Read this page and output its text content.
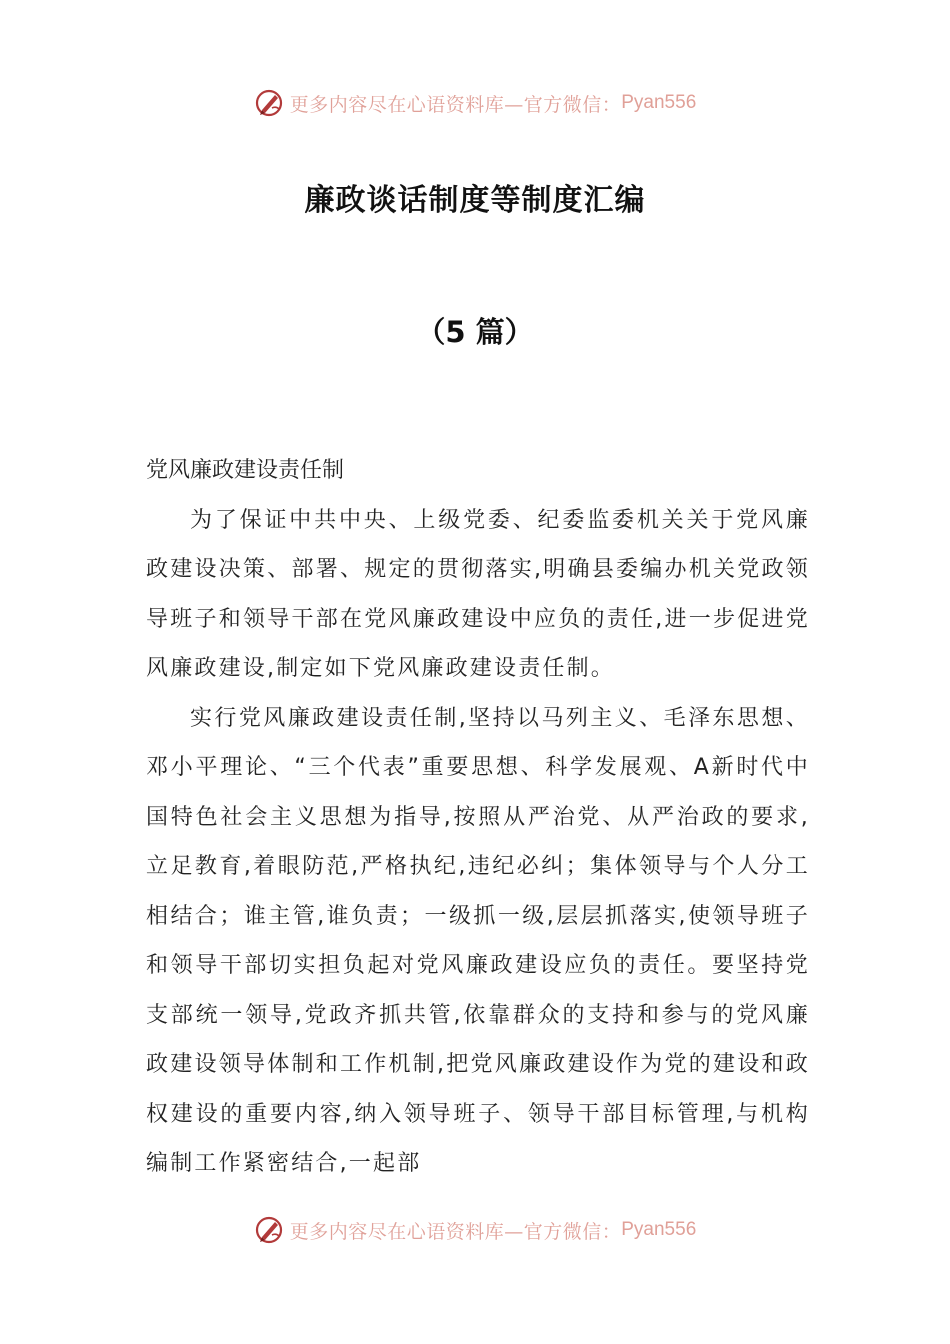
更多内容尽在心语资料库—官方微信： Pyan556
廉政谈话制度等制度汇编
（5 篇）

党风廉政建设责任制

为了保证中共中央、上级党委、纪委监委机关关于党风廉政建设决策、部署、规定的贯彻落实,明确县委编办机关党政领导班子和领导干部在党风廉政建设中应负的责任,进一步促进党风廉政建设,制定如下党风廉政建设责任制。

实行党风廉政建设责任制,坚持以马列主义、毛泽东思想、邓小平理论、“三个代表”重要思想、科学发展观、A新时代中国特色社会主义思想为指导,按照从严治党、从严治政的要求,立足教育,着眼防范,严格执纪,违纪必纠；集体领导与个人分工相结合；谁主管,谁负责；一级抓一级,层层抓落实,使领导班子和领导干部切实担负起对党风廉政建设应负的责任。要坚持党支部统一领导,党政齐抓共管,依靠群众的支持和参与的党风廉政建设领导体制和工作机制,把党风廉政建设作为党的建设和政权建设的重要内容,纳入领导班子、领导干部目标管理,与机构编制工作紧密结合,一起部

更多内容尽在心语资料库—官方微信： Pyan556
